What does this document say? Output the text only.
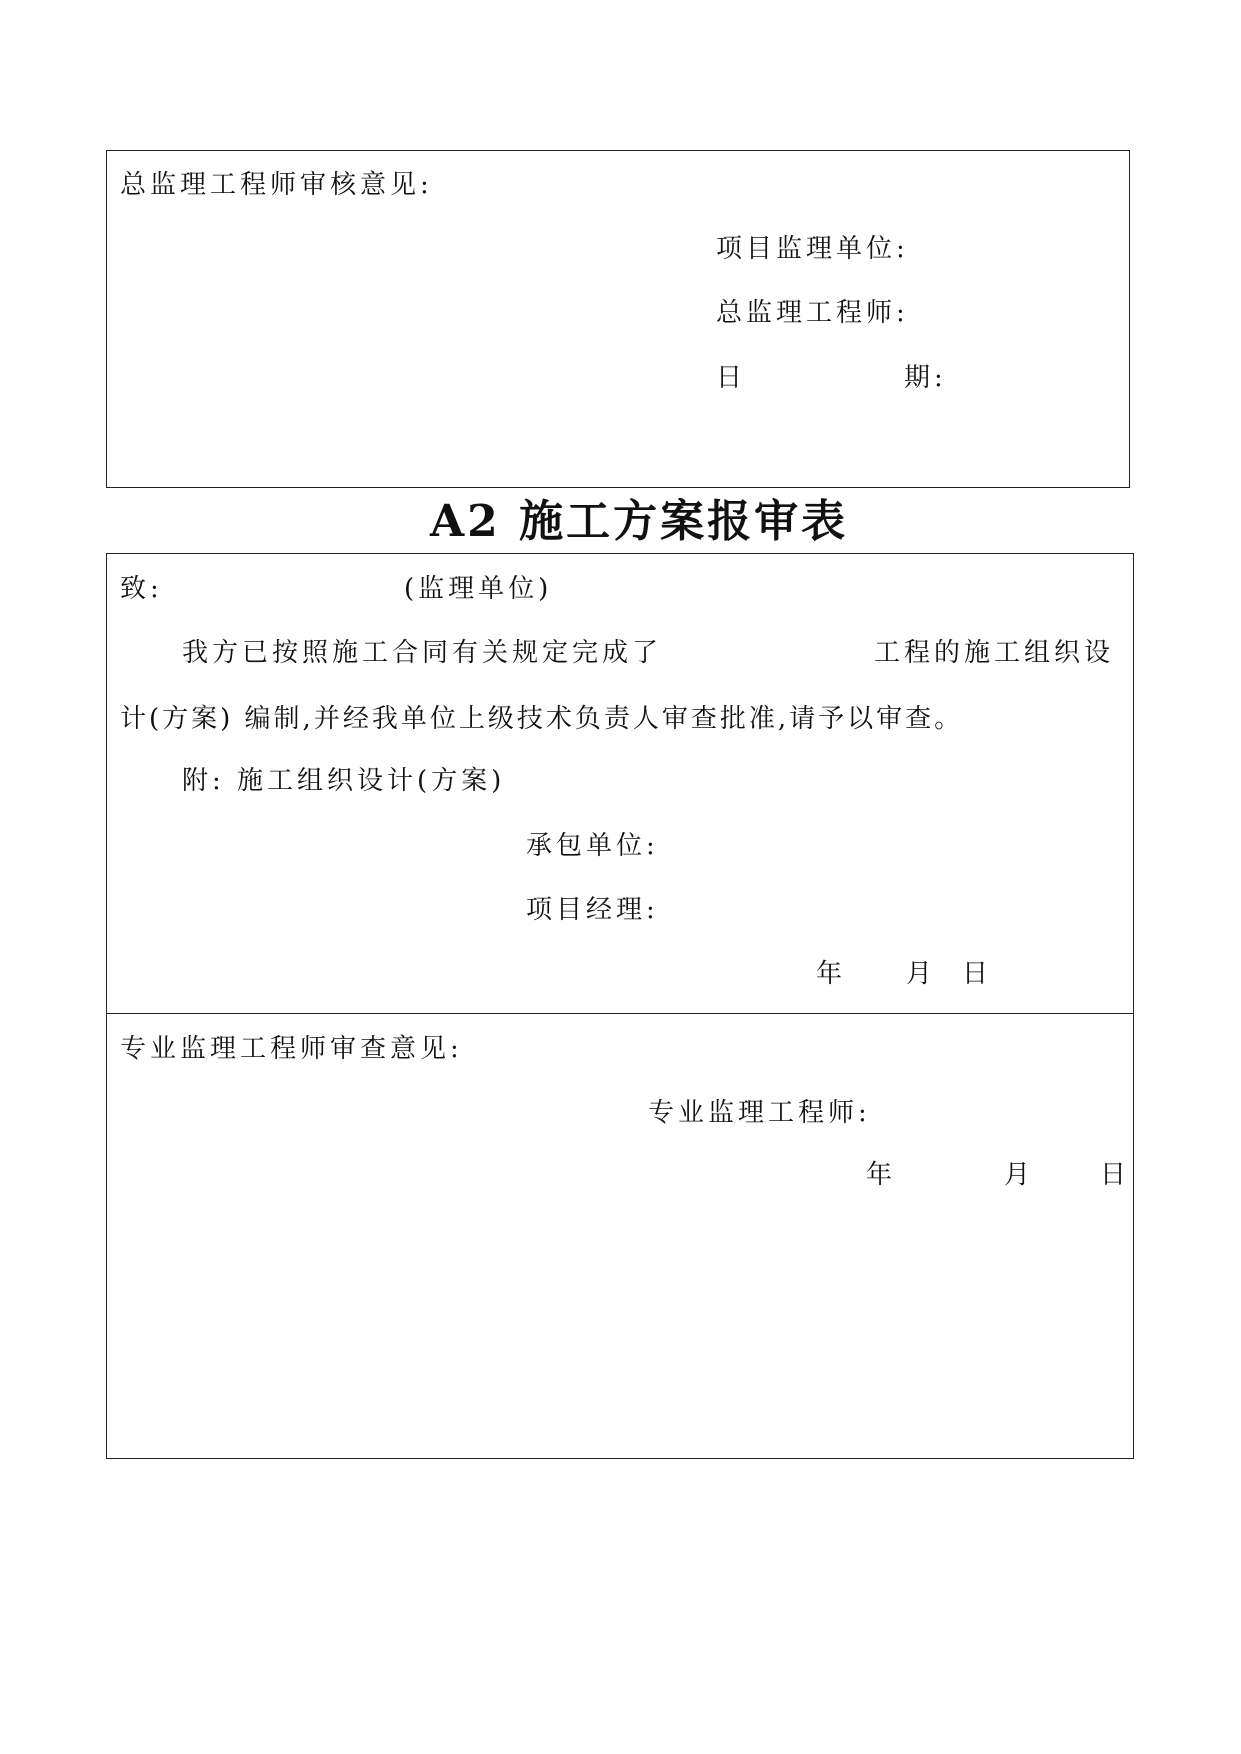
总监理工程师审核意见:
项目监理单位:
总监理工程师:
日	期:
A2 施工方案报审表
致:	(监理单位)
我方已按照施工合同有关规定完成了	工程的施工组织设
计(方案) 编制,并经我单位上级技术负责人审查批准,请予以审查。
附: 施工组织设计(方案)
承包单位:
项目经理:
年 月 日
专业监理工程师审查意见:
专业监理工程师:
年	月	日
